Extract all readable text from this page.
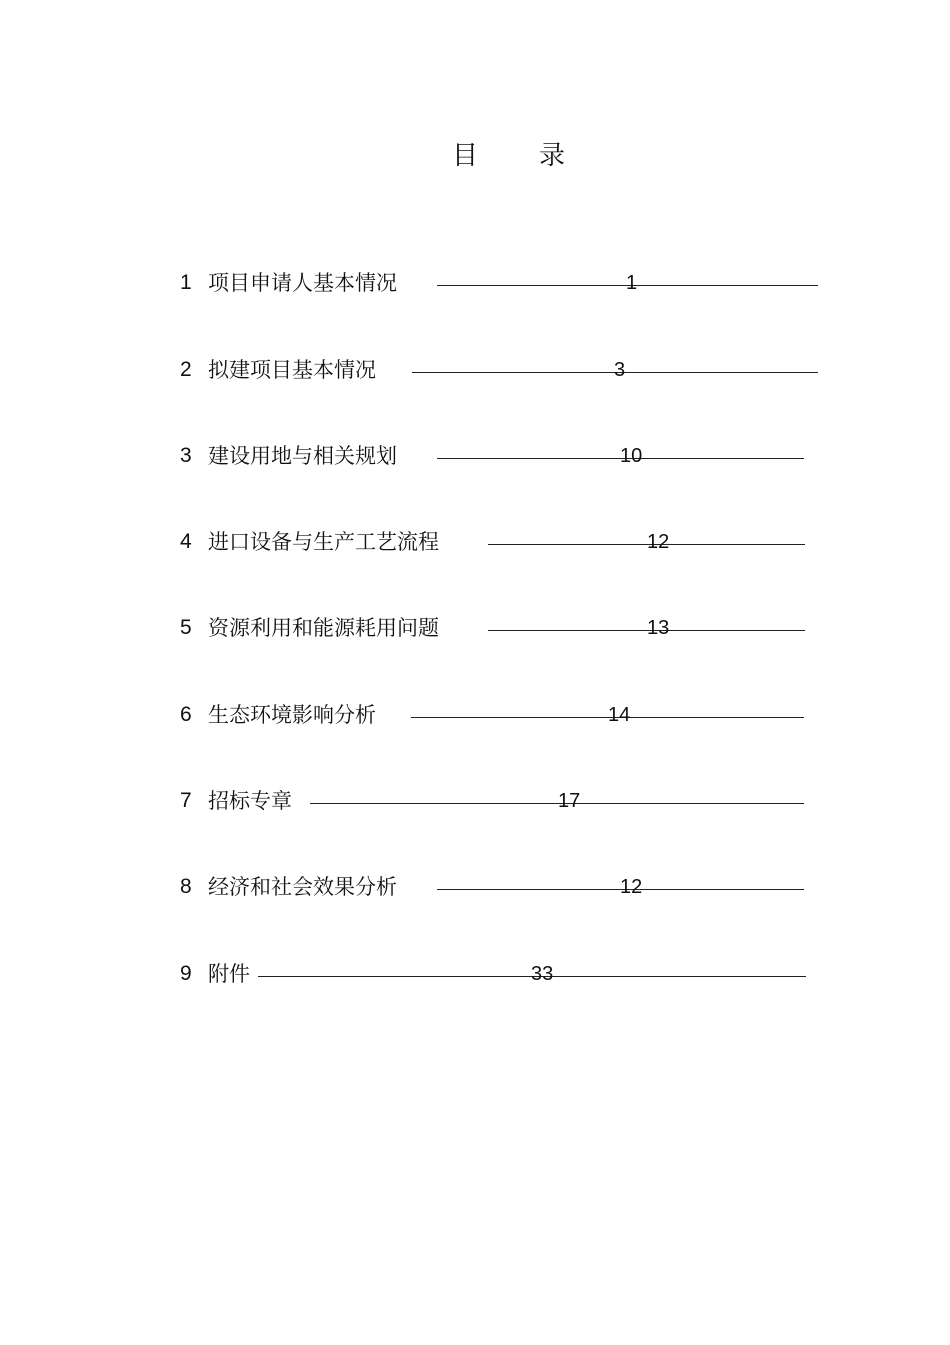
目 录
1 项目申请人基本情况	1
2 拟建项目基本情况	3
3 建设用地与相关规划	10
4 进口设备与生产工艺流程	12
5 资源利用和能源耗用问题	13
6 生态环境影响分析	14
7 招标专章	17
8 经济和社会效果分析	12
9 附件	33
